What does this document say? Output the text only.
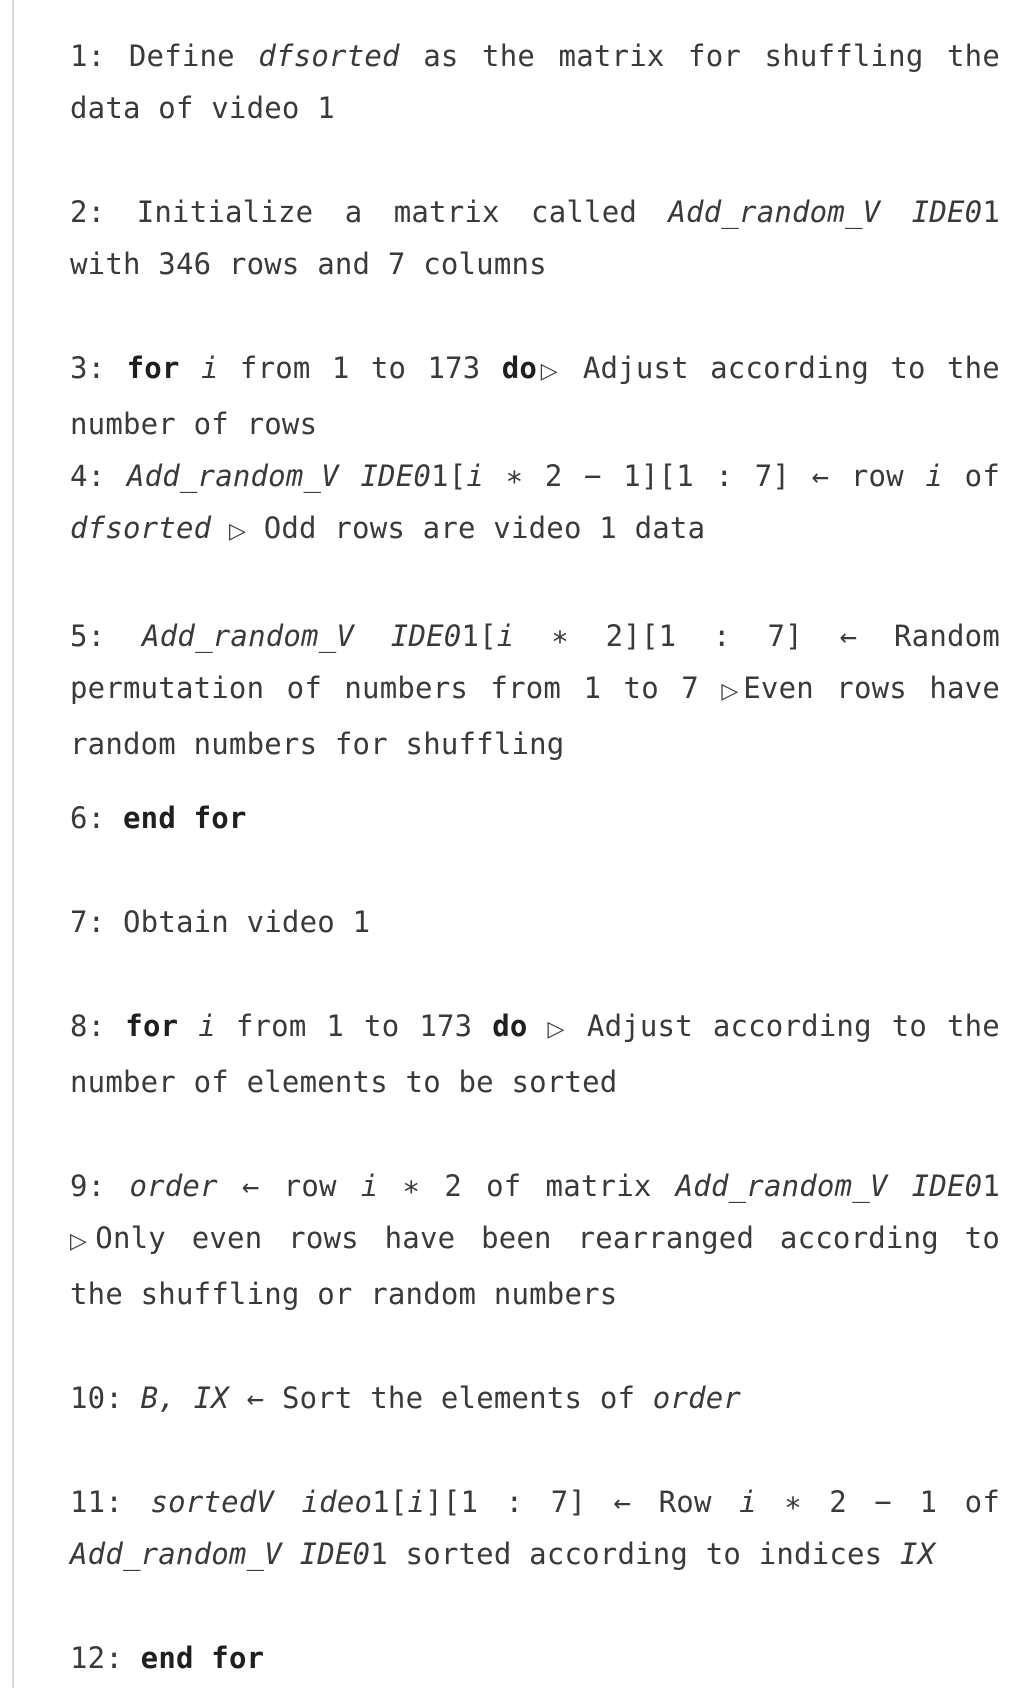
1: Define dfsorted as the matrix for shuffling the data of video 1
2: Initialize a matrix called Add_random_V IDE01 with 346 rows and 7 columns
3: for i from 1 to 173 do▷ Adjust according to the number of rows
4: Add_random_V IDE01[i ∗ 2 − 1][1 : 7] ← row i of dfsorted ▷ Odd rows are video 1 data
5: Add_random_V IDE01[i ∗ 2][1 : 7] ← Random permutation of numbers from 1 to 7 ▷Even rows have random numbers for shuffling
6: end for
7: Obtain video 1
8: for i from 1 to 173 do ▷ Adjust according to the number of elements to be sorted
9: order ← row i ∗ 2 of matrix Add_random_V IDE01 ▷Only even rows have been rearranged according to the shuffling or random numbers
10: B, IX ← Sort the elements of order
11: sortedV ideo1[i][1 : 7] ← Row i ∗ 2 − 1 of Add_random_V IDE01 sorted according to indices IX
12: end for
